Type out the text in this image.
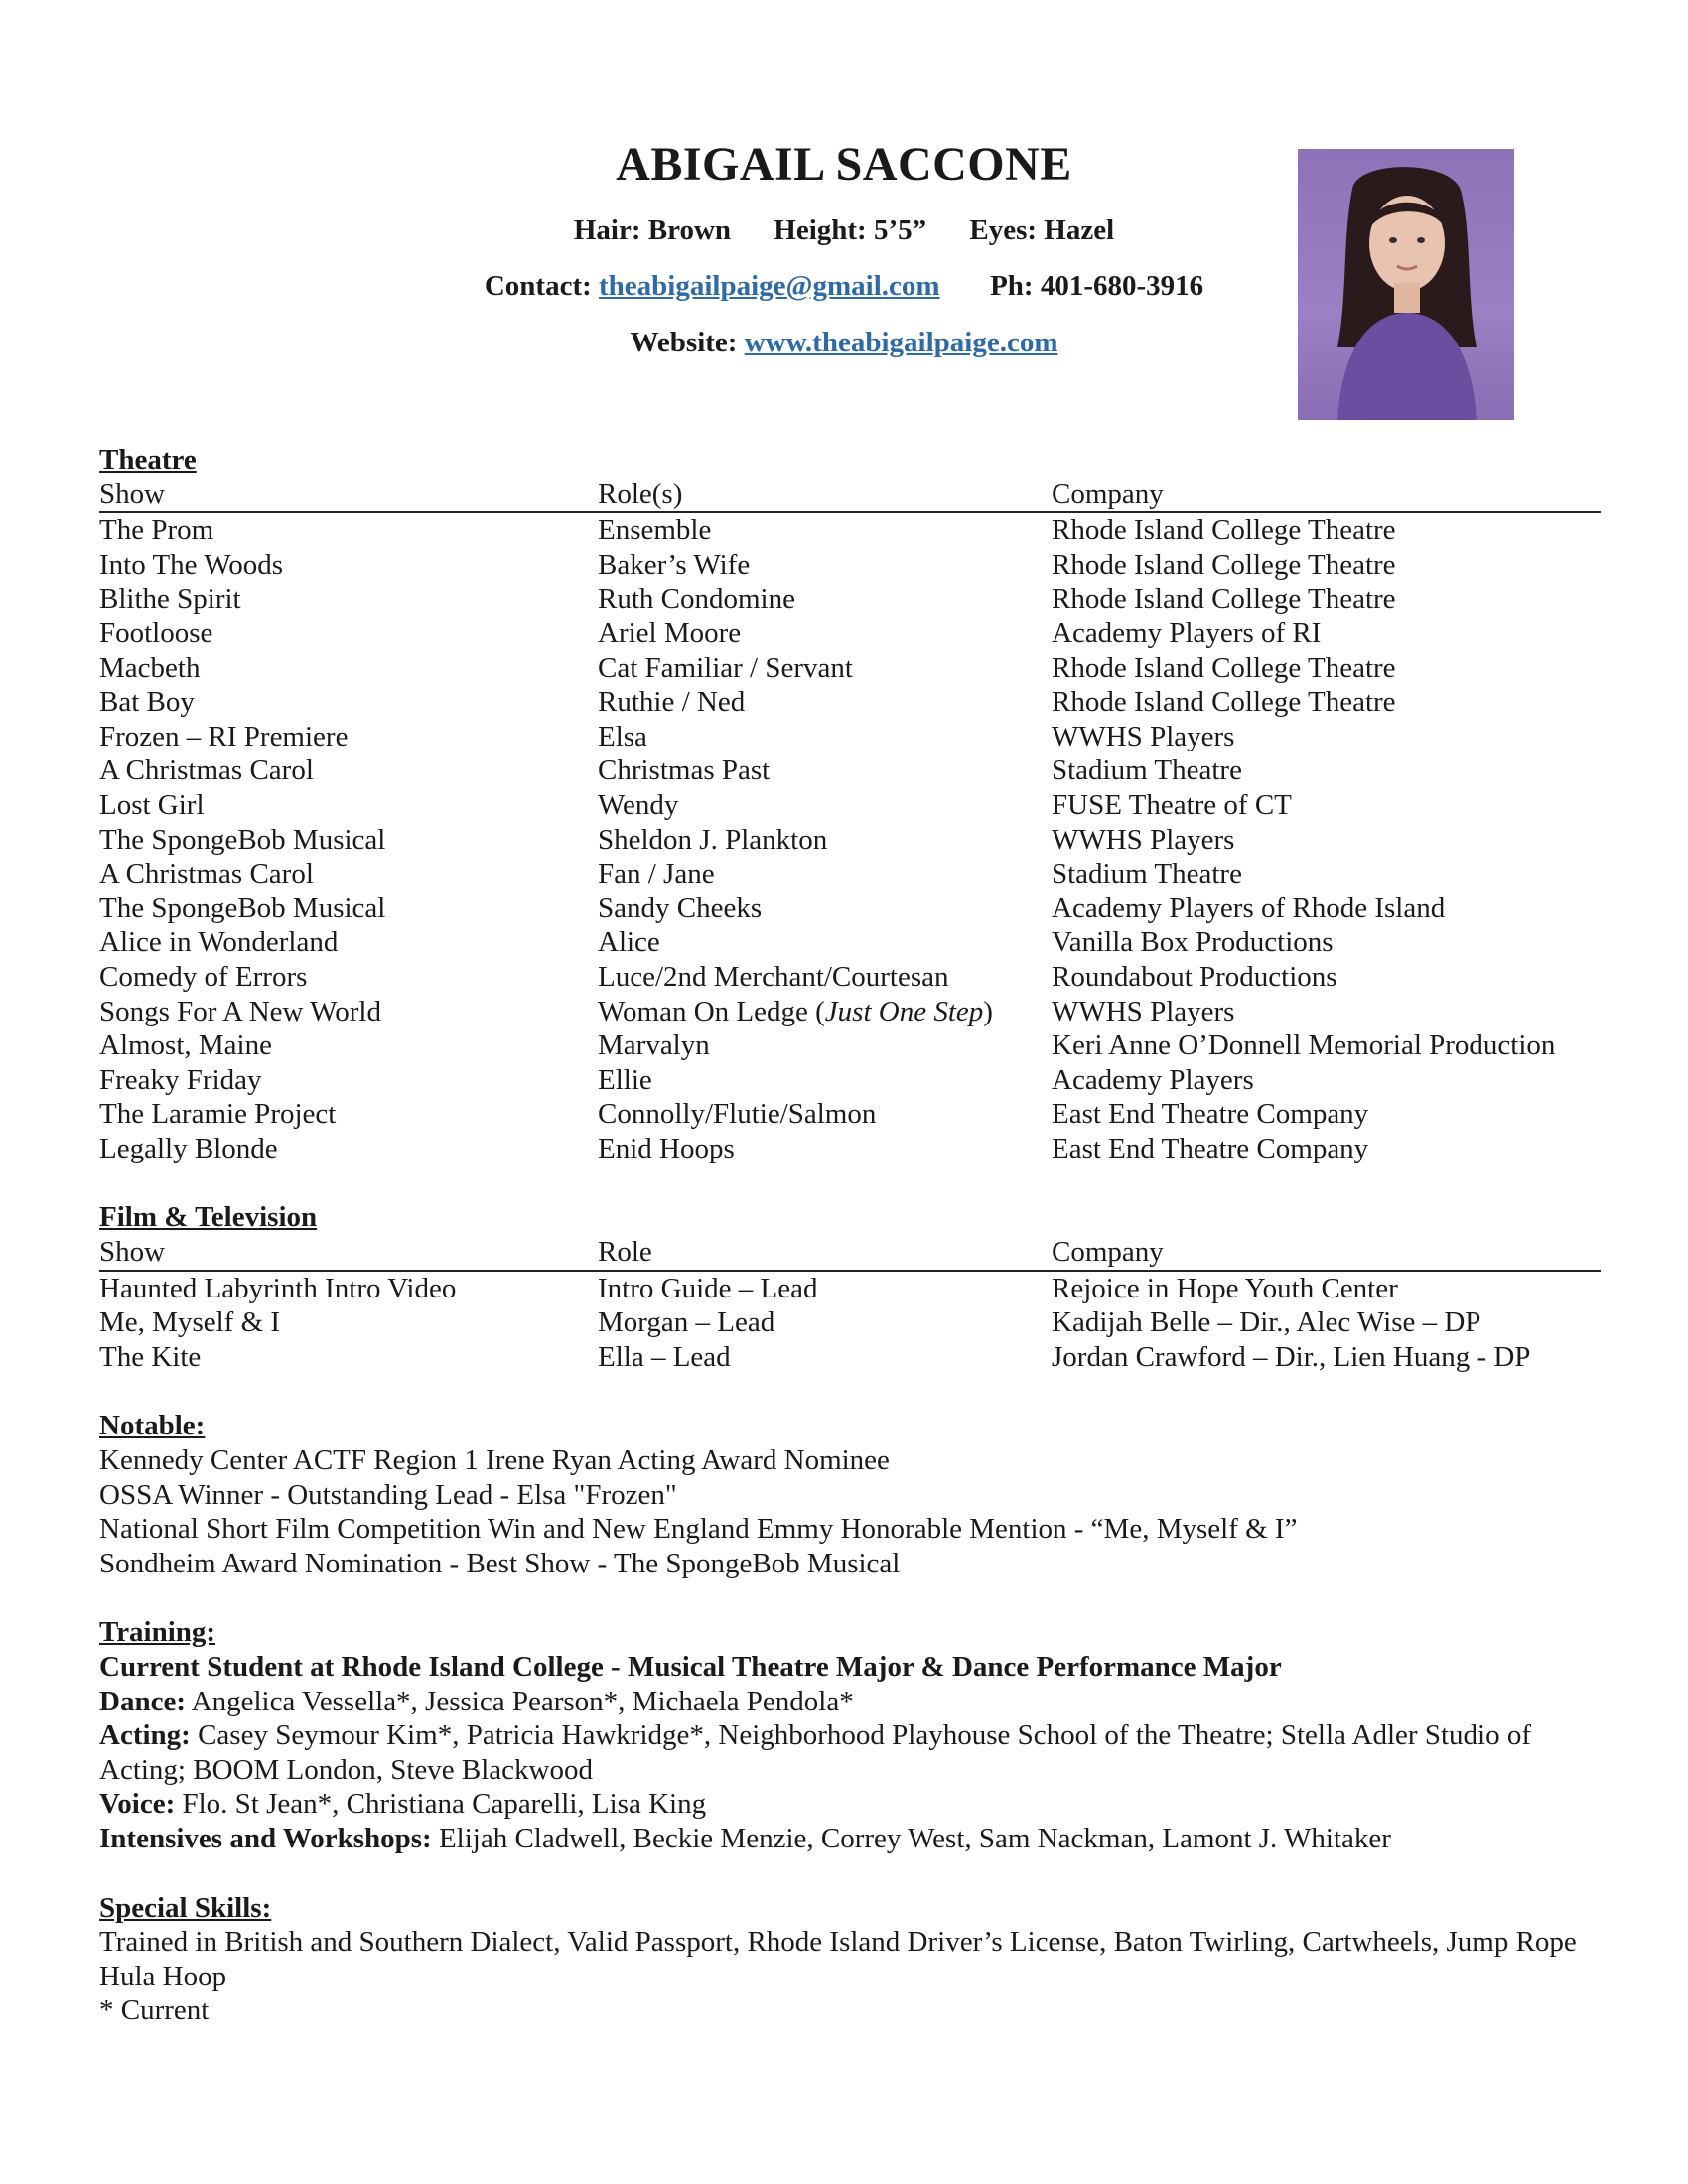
ABIGAIL SACCONE
Hair: Brown Height: 5’5” Eyes: Hazel
Contact: theabigailpaige@gmail.com Ph: 401-680-3916
Website: www.theabigailpaige.com
Theatre
Show	Role(s)	Company
The Prom	Ensemble	Rhode Island College Theatre
Into The Woods	Baker’s Wife	Rhode Island College Theatre
Blithe Spirit	Ruth Condomine	Rhode Island College Theatre
Footloose	Ariel Moore	Academy Players of RI
Macbeth	Cat Familiar / Servant	Rhode Island College Theatre
Bat Boy	Ruthie / Ned	Rhode Island College Theatre
Frozen – RI Premiere	Elsa	WWHS Players
A Christmas Carol	Christmas Past	Stadium Theatre
Lost Girl	Wendy	FUSE Theatre of CT
The SpongeBob Musical	Sheldon J. Plankton	WWHS Players
A Christmas Carol	Fan / Jane	Stadium Theatre
The SpongeBob Musical	Sandy Cheeks	Academy Players of Rhode Island
Alice in Wonderland	Alice	Vanilla Box Productions
Comedy of Errors	Luce/2nd Merchant/Courtesan	Roundabout Productions
Songs For A New World	Woman On Ledge (Just One Step)	WWHS Players
Almost, Maine	Marvalyn	Keri Anne O’Donnell Memorial Production
Freaky Friday	Ellie	Academy Players
The Laramie Project	Connolly/Flutie/Salmon	East End Theatre Company
Legally Blonde	Enid Hoops	East End Theatre Company
Film & Television
Show	Role	Company
Haunted Labyrinth Intro Video	Intro Guide – Lead	Rejoice in Hope Youth Center
Me, Myself & I	Morgan – Lead	Kadijah Belle – Dir., Alec Wise – DP
The Kite	Ella – Lead	Jordan Crawford – Dir., Lien Huang - DP
Notable:
Kennedy Center ACTF Region 1 Irene Ryan Acting Award Nominee
OSSA Winner - Outstanding Lead - Elsa "Frozen"
National Short Film Competition Win and New England Emmy Honorable Mention - “Me, Myself & I”
Sondheim Award Nomination - Best Show - The SpongeBob Musical
Training:
Current Student at Rhode Island College - Musical Theatre Major & Dance Performance Major
Dance: Angelica Vessella*, Jessica Pearson*, Michaela Pendola*
Acting: Casey Seymour Kim*, Patricia Hawkridge*, Neighborhood Playhouse School of the Theatre; Stella Adler Studio of Acting; BOOM London, Steve Blackwood
Voice: Flo. St Jean*, Christiana Caparelli, Lisa King
Intensives and Workshops: Elijah Cladwell, Beckie Menzie, Correy West, Sam Nackman, Lamont J. Whitaker
Special Skills:
Trained in British and Southern Dialect, Valid Passport, Rhode Island Driver’s License, Baton Twirling, Cartwheels, Jump Rope Hula Hoop
* Current
